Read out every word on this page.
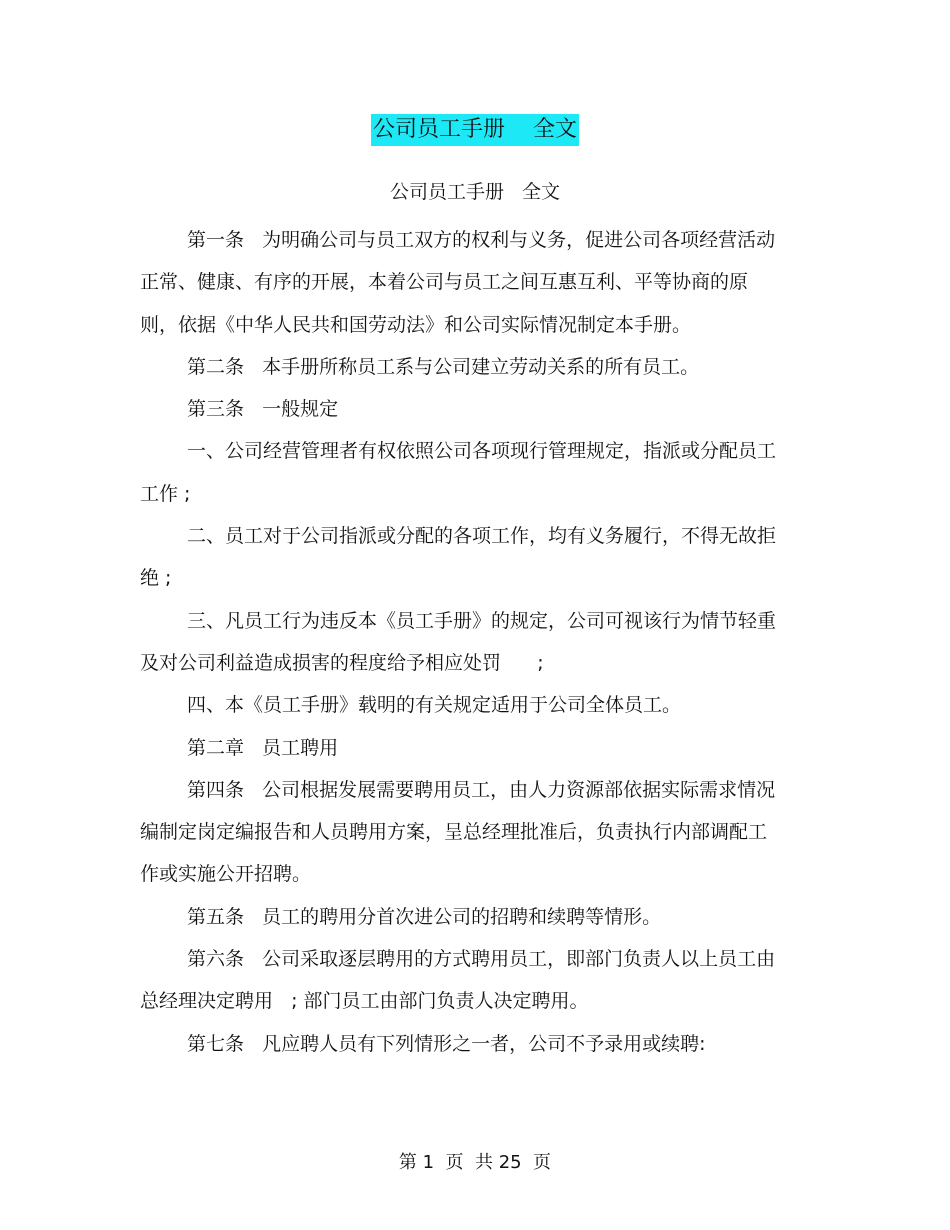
公司员工手册    全文
公司员工手册   全文

第一条   为明确公司与员工双方的权利与义务，促进公司各项经营活动正常、健康、有序的开展，本着公司与员工之间互惠互利、平等协商的原则，依据《中华人民共和国劳动法》和公司实际情况制定本手册。

第二条   本手册所称员工系与公司建立劳动关系的所有员工。

第三条   一般规定

一、公司经营管理者有权依照公司各项现行管理规定，指派或分配员工工作 ;

二、员工对于公司指派或分配的各项工作，均有义务履行，不得无故拒绝 ;

三、凡员工行为违反本《员工手册》的规定，公司可视该行为情节轻重及对公司利益造成损害的程度给予相应处罚      ;

四、本《员工手册》载明的有关规定适用于公司全体员工。

第二章   员工聘用

第四条   公司根据发展需要聘用员工，由人力资源部依据实际需求情况编制定岗定编报告和人员聘用方案，呈总经理批准后，负责执行内部调配工作或实施公开招聘。

第五条   员工的聘用分首次进公司的招聘和续聘等情形。

第六条   公司采取逐层聘用的方式聘用员工，即部门负责人以上员工由总经理决定聘用   ; 部门员工由部门负责人决定聘用。

第七条   凡应聘人员有下列情形之一者，公司不予录用或续聘:

第 1  页  共 25  页
